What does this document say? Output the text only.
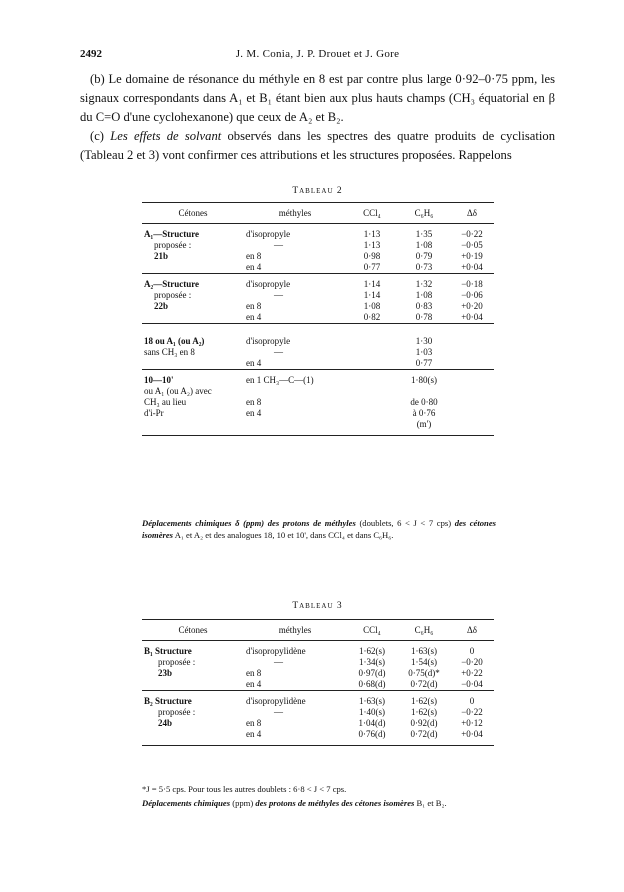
2492	J. M. Conia, J. P. Drouet et J. Gore

(b) Le domaine de résonance du méthyle en 8 est par contre plus large 0·92–0·75 ppm, les signaux correspondants dans A₁ et B₁ étant bien aux plus hauts champs (CH₃ équatorial en β du C=O d'une cyclohexanone) que ceux de A₂ et B₂.

(c) Les effets de solvant observés dans les spectres des quatre produits de cyclisation (Tableau 2 et 3) vont confirmer ces attributions et les structures proposées. Rappelons

Tableau 2
Cétones	méthyles	CCl₄	C₆H₆	Δδ
A₁—Structure	d'isopropyle	1·13	1·35	−0·22
proposée :	—	1·13	1·08	−0·05
21b	en 8	0·98	0·79	+0·19
	en 4	0·77	0·73	+0·04
A₂—Structure	d'isopropyle	1·14	1·32	−0·18
proposée :	—	1·14	1·08	−0·06
22b	en 8	1·08	0·83	+0·20
	en 4	0·82	0·78	+0·04
18 ou A₁ (ou A₂)	d'isopropyle		1·30	
sans CH₃ en 8	—		1·03	
	en 4		0·77	
10—10'	en 1 CH₃—C—(1)		1·80(s)	
ou A₁ (ou A₂) avec				
CH₃ au lieu	en 8		de 0·80	
d'i-Pr	en 4		à 0·76	
			(m')	
Déplacements chimiques δ (ppm) des protons de méthyles (doublets, 6 < J < 7 cps) des cétones isomères A₁ et A₂ et des analogues 18, 10 et 10', dans CCl₄ et dans C₆H₆.
Tableau 3
Cétones	méthyles	CCl₄	C₆H₆	Δδ
B₁ Structure	d'isopropylidène	1·62(s)	1·63(s)	0
proposée :	—	1·34(s)	1·54(s)	−0·20
23b	en 8	0·97(d)	0·75(d)*	+0·22
	en 4	0·68(d)	0·72(d)	−0·04
B₂ Structure	d'isopropylidène	1·63(s)	1·62(s)	0
proposée :	—	1·40(s)	1·62(s)	−0·22
24b	en 8	1·04(d)	0·92(d)	+0·12
	en 4	0·76(d)	0·72(d)	+0·04
*J = 5·5 cps. Pour tous les autres doublets : 6·8 < J < 7 cps.
Déplacements chimiques (ppm) des protons de méthyles des cétones isomères B₁ et B₂.
